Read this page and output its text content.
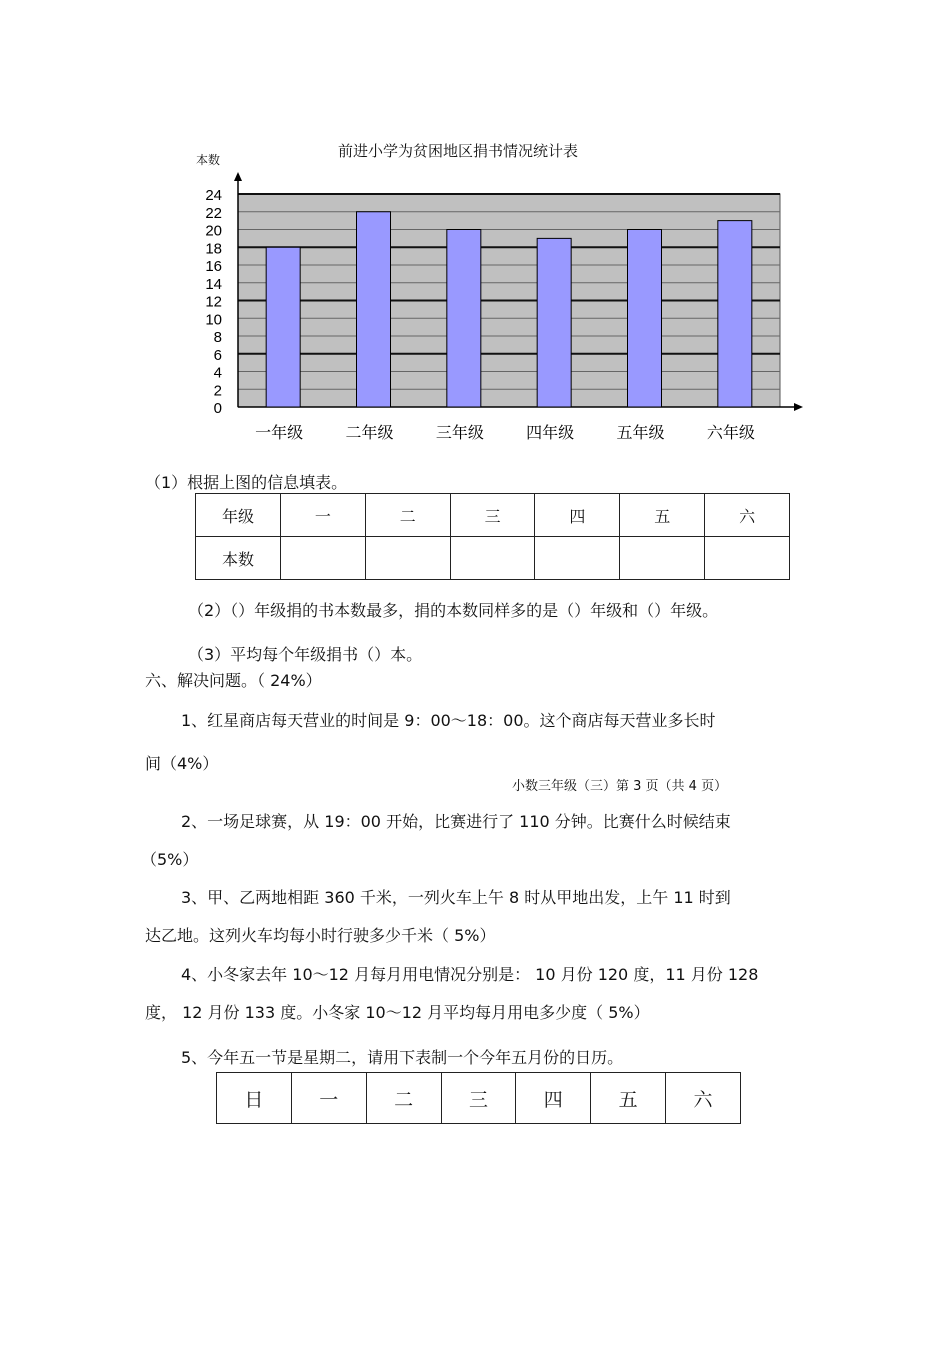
前进小学为贫困地区捐书情况统计表
本数
0
2
4
6
8
10
12
14
16
18
20
22
24
一年级	二年级	三年级	四年级	五年级	六年级
（1）根据上图的信息填表。
年级	一	二	三	四	五	六
本数						
（2）（）年级捐的书本数最多，捐的本数同样多的是（）年级和（）年级。
（3）平均每个年级捐书（）本。
六、解决问题。（ 24%）
1、红星商店每天营业的时间是 9：00～18：00。这个商店每天营业多长时
间（4%）
小数三年级（三）第 3 页（共 4 页）
2、一场足球赛，从 19：00 开始，比赛进行了 110 分钟。比赛什么时候结束
（5%）
3、甲、乙两地相距 360 千米，一列火车上午 8 时从甲地出发，上午 11 时到
达乙地。这列火车均每小时行驶多少千米（ 5%）
4、小冬家去年 10～12 月每月用电情况分别是： 10 月份 120 度，11 月份 128
度， 12 月份 133 度。小冬家 10～12 月平均每月用电多少度（ 5%）
5、今年五一节是星期二，请用下表制一个今年五月份的日历。
日	一	二	三	四	五	六
